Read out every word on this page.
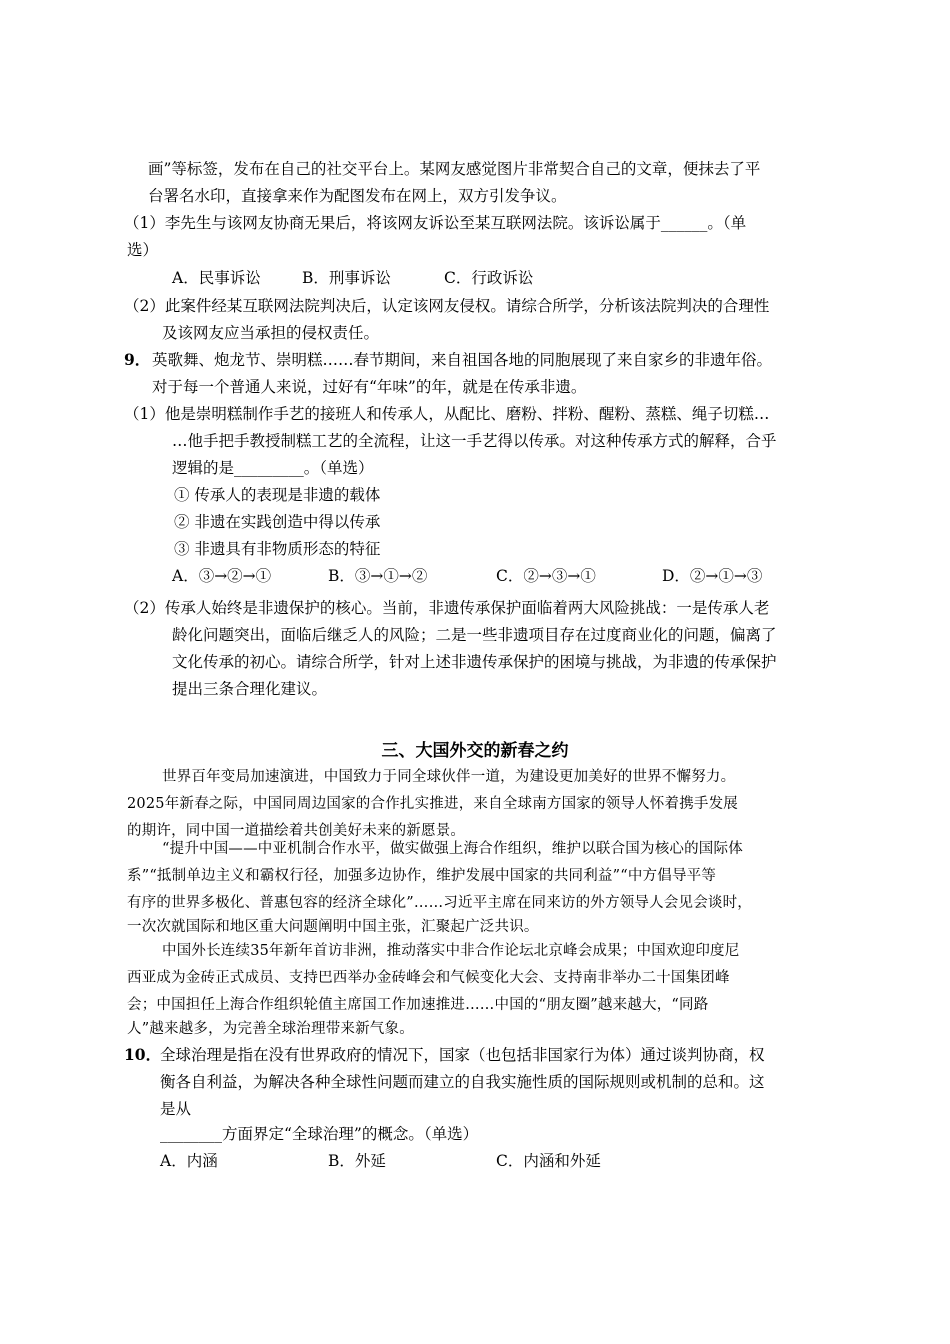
画”等标签，发布在自己的社交平台上。某网友感觉图片非常契合自己的文章，便抹去了平
台署名水印，直接拿来作为配图发布在网上，双方引发争议。
（1）李先生与该网友协商无果后，将该网友诉讼至某互联网法院。该诉讼属于______。（单
选）
A．民事诉讼	B．刑事诉讼	C．行政诉讼
（2）此案件经某互联网法院判决后，认定该网友侵权。请综合所学，分析该法院判决的合理性
及该网友应当承担的侵权责任。
9． 英歌舞、炮龙节、崇明糕……春节期间，来自祖国各地的同胞展现了来自家乡的非遗年俗。
对于每一个普通人来说，过好有“年味”的年，就是在传承非遗。
（1）他是崇明糕制作手艺的接班人和传承人，从配比、磨粉、拌粉、醒粉、蒸糕、绳子切糕…
…他手把手教授制糕工艺的全流程，让这一手艺得以传承。对这种传承方式的解释，合乎
逻辑的是_________。（单选）
① 传承人的表现是非遗的载体
② 非遗在实践创造中得以传承
③ 非遗具有非物质形态的特征
A．③→②→①	B．③→①→②	C．②→③→①	D．②→①→③
（2）传承人始终是非遗保护的核心。当前，非遗传承保护面临着两大风险挑战：一是传承人老
龄化问题突出，面临后继乏人的风险；二是一些非遗项目存在过度商业化的问题，偏离了
文化传承的初心。请综合所学，针对上述非遗传承保护的困境与挑战，为非遗的传承保护
提出三条合理化建议。
三、大国外交的新春之约
世界百年变局加速演进，中国致力于同全球伙伴一道，为建设更加美好的世界不懈努力。
2025年新春之际，中国同周边国家的合作扎实推进，来自全球南方国家的领导人怀着携手发展
的期许，同中国一道描绘着共创美好未来的新愿景。
“提升中国——中亚机制合作水平，做实做强上海合作组织，维护以联合国为核心的国际体
系”“抵制单边主义和霸权行径，加强多边协作，维护发展中国家的共同利益”“中方倡导平等
有序的世界多极化、普惠包容的经济全球化”……习近平主席在同来访的外方领导人会见会谈时，
一次次就国际和地区重大问题阐明中国主张，汇聚起广泛共识。
中国外长连续35年新年首访非洲，推动落实中非合作论坛北京峰会成果；中国欢迎印度尼
西亚成为金砖正式成员、支持巴西举办金砖峰会和气候变化大会、支持南非举办二十国集团峰
会；中国担任上海合作组织轮值主席国工作加速推进……中国的“朋友圈”越来越大，“同路
人”越来越多，为完善全球治理带来新气象。
10．
全球治理是指在没有世界政府的情况下，国家（也包括非国家行为体）通过谈判协商，权
衡各自利益，为解决各种全球性问题而建立的自我实施性质的国际规则或机制的总和。这
是从
________方面界定“全球治理”的概念。（单选）
A．内涵	B．外延	C．内涵和外延
